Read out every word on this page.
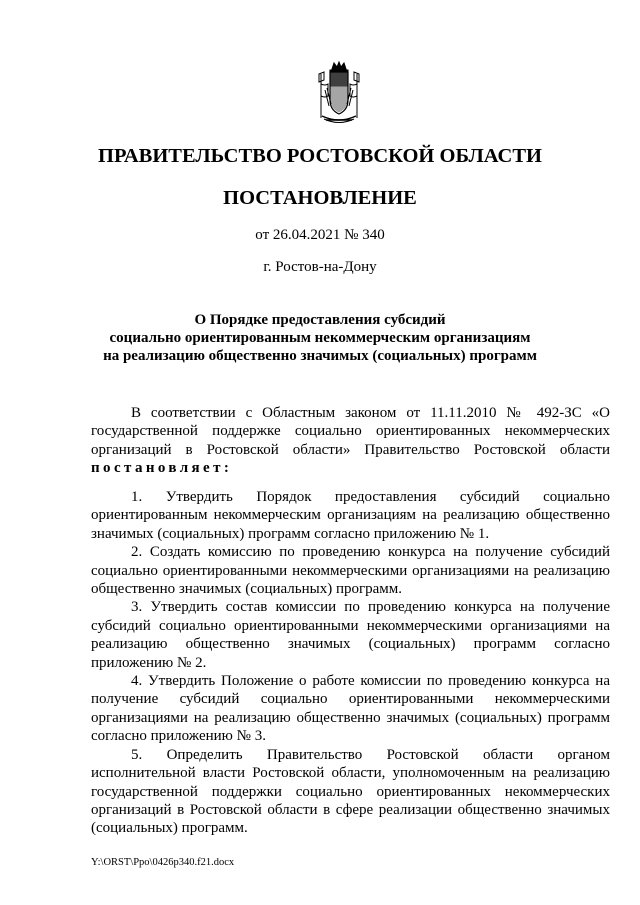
ПРАВИТЕЛЬСТВО РОСТОВСКОЙ ОБЛАСТИ
ПОСТАНОВЛЕНИЕ
от 26.04.2021 № 340
г. Ростов-на-Дону
О Порядке предоставления субсидий
социально ориентированным некоммерческим организациям
на реализацию общественно значимых (социальных) программ

В соответствии с Областным законом от 11.11.2010 № 492-ЗС «О государственной поддержке социально ориентированных некоммерческих организаций в Ростовской области» Правительство Ростовской области постановляет:

1. Утвердить Порядок предоставления субсидий социально ориентированным некоммерческим организациям на реализацию общественно значимых (социальных) программ согласно приложению № 1.

2. Создать комиссию по проведению конкурса на получение субсидий социально ориентированными некоммерческими организациями на реализацию общественно значимых (социальных) программ.

3. Утвердить состав комиссии по проведению конкурса на получение субсидий социально ориентированными некоммерческими организациями на реализацию общественно значимых (социальных) программ согласно приложению № 2.

4. Утвердить Положение о работе комиссии по проведению конкурса на получение субсидий социально ориентированными некоммерческими организациями на реализацию общественно значимых (социальных) программ согласно приложению № 3.

5. Определить Правительство Ростовской области органом исполнительной власти Ростовской области, уполномоченным на реализацию государственной поддержки социально ориентированных некоммерческих организаций в Ростовской области в сфере реализации общественно значимых (социальных) программ.

Y:\ORST\Ppo\0426p340.f21.docx
